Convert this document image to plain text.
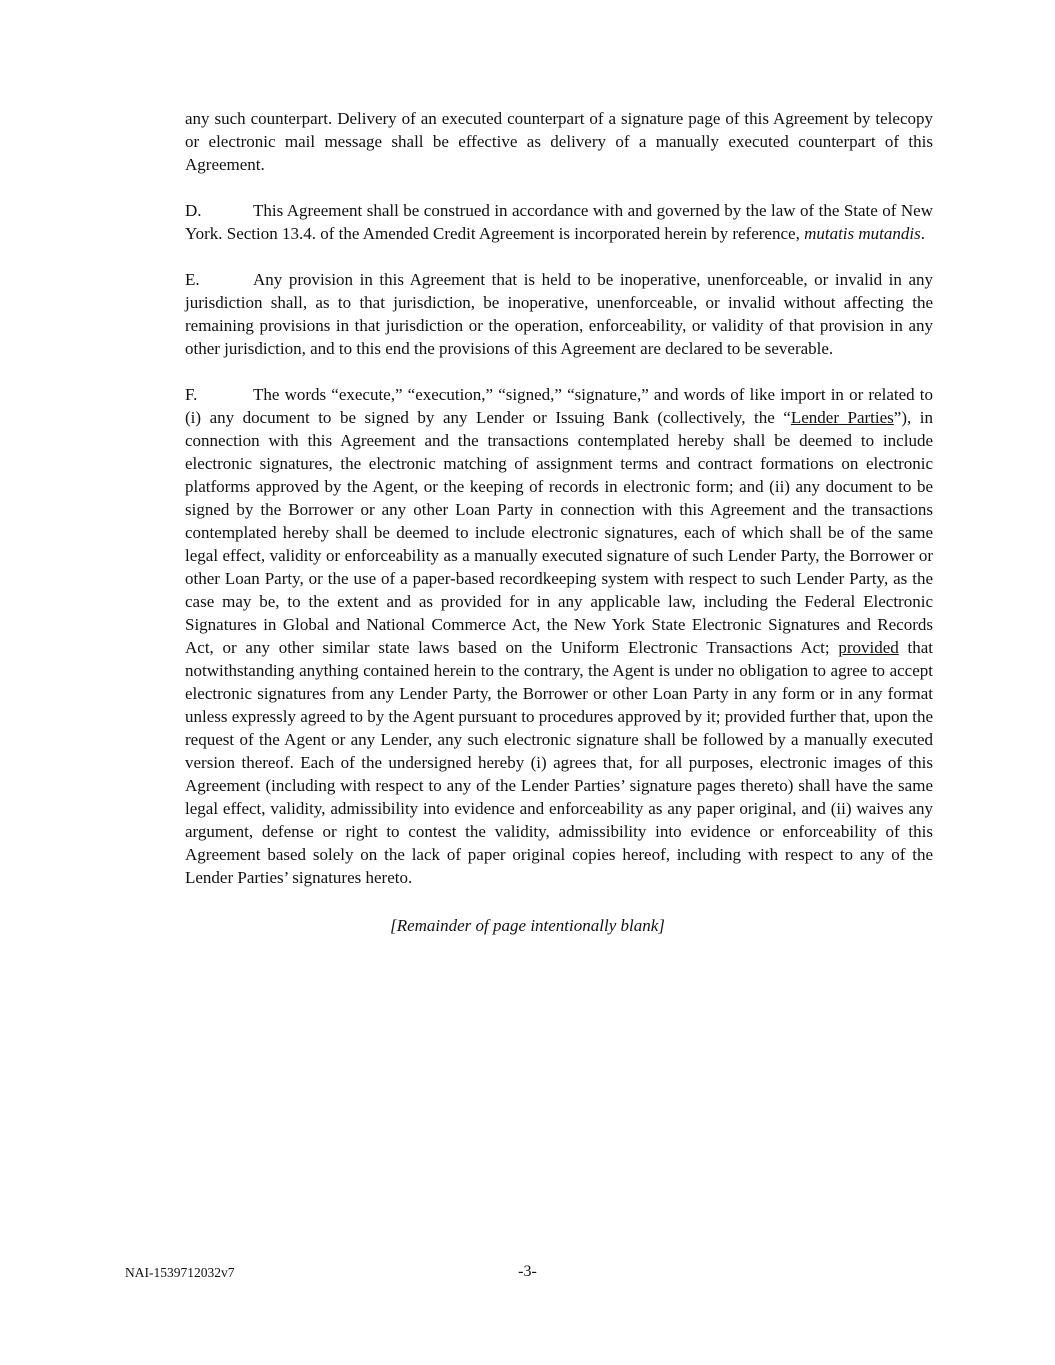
any such counterpart. Delivery of an executed counterpart of a signature page of this Agreement by telecopy or electronic mail message shall be effective as delivery of a manually executed counterpart of this Agreement.

D.	This Agreement shall be construed in accordance with and governed by the law of the State of New York. Section 13.4. of the Amended Credit Agreement is incorporated herein by reference, mutatis mutandis.

E.	Any provision in this Agreement that is held to be inoperative, unenforceable, or invalid in any jurisdiction shall, as to that jurisdiction, be inoperative, unenforceable, or invalid without affecting the remaining provisions in that jurisdiction or the operation, enforceability, or validity of that provision in any other jurisdiction, and to this end the provisions of this Agreement are declared to be severable.

F.	The words “execute,” “execution,” “signed,” “signature,” and words of like import in or related to (i) any document to be signed by any Lender or Issuing Bank (collectively, the “Lender Parties”), in connection with this Agreement and the transactions contemplated hereby shall be deemed to include electronic signatures, the electronic matching of assignment terms and contract formations on electronic platforms approved by the Agent, or the keeping of records in electronic form; and (ii) any document to be signed by the Borrower or any other Loan Party in connection with this Agreement and the transactions contemplated hereby shall be deemed to include electronic signatures, each of which shall be of the same legal effect, validity or enforceability as a manually executed signature of such Lender Party, the Borrower or other Loan Party, or the use of a paper-based recordkeeping system with respect to such Lender Party, as the case may be, to the extent and as provided for in any applicable law, including the Federal Electronic Signatures in Global and National Commerce Act, the New York State Electronic Signatures and Records Act, or any other similar state laws based on the Uniform Electronic Transactions Act; provided that notwithstanding anything contained herein to the contrary, the Agent is under no obligation to agree to accept electronic signatures from any Lender Party, the Borrower or other Loan Party in any form or in any format unless expressly agreed to by the Agent pursuant to procedures approved by it; provided further that, upon the request of the Agent or any Lender, any such electronic signature shall be followed by a manually executed version thereof. Each of the undersigned hereby (i) agrees that, for all purposes, electronic images of this Agreement (including with respect to any of the Lender Parties’ signature pages thereto) shall have the same legal effect, validity, admissibility into evidence and enforceability as any paper original, and (ii) waives any argument, defense or right to contest the validity, admissibility into evidence or enforceability of this Agreement based solely on the lack of paper original copies hereof, including with respect to any of the Lender Parties’ signatures hereto.

[Remainder of page intentionally blank]

NAI-1539712032v7	-3-
